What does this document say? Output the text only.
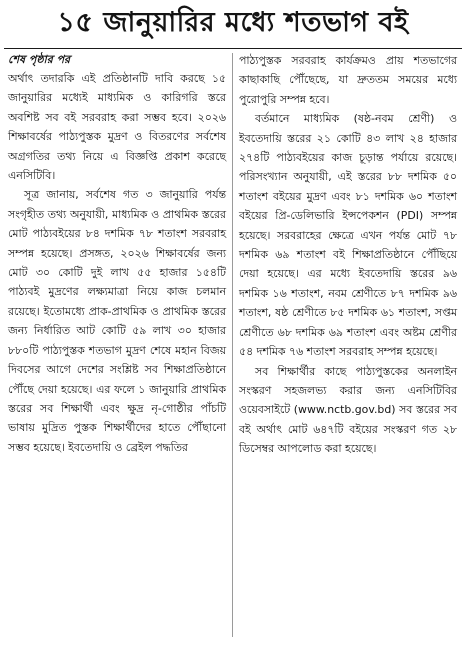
১৫ জানুয়ারির মধ্যে শতভাগ বই
শেষ পৃষ্ঠার পর

অর্থাৎ তদারকি এই প্রতিষ্ঠানটি দাবি করছে ১৫ জানুয়ারির মধ্যেই মাধ্যমিক ও কারিগরি স্তরে অবশিষ্ট সব বই সরবরাহ করা সম্ভব হবে। ২০২৬ শিক্ষাবর্ষের পাঠ্যপুস্তক মুদ্রণ ও বিতরণের সর্বশেষ অগ্রগতির তথ্য নিয়ে এ বিজ্ঞপ্তি প্রকাশ করেছে এনসিটিবি।

সূত্র জানায়, সর্বশেষ গত ৩ জানুয়ারি পর্যন্ত সংগৃহীত তথ্য অনুযায়ী, মাধ্যমিক ও প্রাথমিক স্তরের মোট পাঠ্যবইয়ের ৮৪ দশমিক ৭৮ শতাংশ সরবরাহ সম্পন্ন হয়েছে। প্রসঙ্গত, ২০২৬ শিক্ষাবর্ষের জন্য মোট ৩০ কোটি দুই লাখ ৫৫ হাজার ১৫৪টি পাঠ্যবই মুদ্রণের লক্ষ্যমাত্রা নিয়ে কাজ চলমান রয়েছে। ইতোমধ্যে প্রাক-প্রাথমিক ও প্রাথমিক স্তরের জন্য নির্ধারিত আট কোটি ৫৯ লাখ ৩০ হাজার ৮৮০টি পাঠ্যপুস্তক শতভাগ মুদ্রণ শেষে মহান বিজয় দিবসের আগে দেশের সংশ্লিষ্ট সব শিক্ষাপ্রতিষ্ঠানে পৌঁছে দেয়া হয়েছে। এর ফলে ১ জানুয়ারি প্রাথমিক স্তরের সব শিক্ষার্থী এবং ক্ষুদ্র নৃ-গোষ্ঠীর পাঁচটি ভাষায় মুদ্রিত পুস্তক শিক্ষার্থীদের হাতে পৌঁছানো সম্ভব হয়েছে। ইবতেদায়ি ও ব্রেইল পদ্ধতির

পাঠ্যপুস্তক সরবরাহ কার্যক্রমও প্রায় শতভাগের কাছাকাছি পৌঁছেছে, যা দ্রুততম সময়ের মধ্যে পুরোপুরি সম্পন্ন হবে।

বর্তমানে মাধ্যমিক (ষষ্ঠ-নবম শ্রেণী) ও ইবতেদায়ি স্তরের ২১ কোটি ৪৩ লাখ ২৪ হাজার ২৭৪টি পাঠ্যবইয়ের কাজ চূড়ান্ত পর্যায়ে রয়েছে। পরিসংখ্যান অনুযায়ী, এই স্তরের ৮৮ দশমিক ৫০ শতাংশ বইয়ের মুদ্রণ এবং ৮১ দশমিক ৬০ শতাংশ বইয়ের প্রি-ডেলিভারি ইন্সপেকশন (PDI) সম্পন্ন হয়েছে। সরবরাহের ক্ষেত্রে এখন পর্যন্ত মোট ৭৮ দশমিক ৬৯ শতাংশ বই শিক্ষাপ্রতিষ্ঠানে পৌঁছিয়ে দেয়া হয়েছে। এর মধ্যে ইবতেদায়ি স্তরের ৯৬ দশমিক ১৬ শতাংশ, নবম শ্রেণীতে ৮৭ দশমিক ৯৬ শতাংশ, ষষ্ঠ শ্রেণীতে ৮৫ দশমিক ৬১ শতাংশ, সপ্তম শ্রেণীতে ৬৮ দশমিক ৬৯ শতাংশ এবং অষ্টম শ্রেণীর ৫৪ দশমিক ৭৬ শতাংশ সরবরাহ সম্পন্ন হয়েছে।

সব শিক্ষার্থীর কাছে পাঠ্যপুস্তকের অনলাইন সংস্করণ সহজলভ্য করার জন্য এনসিটিবির ওয়েবসাইটে (www.nctb.gov.bd) সব স্তরের সব বই অর্থাৎ মোট ৬৪৭টি বইয়ের সংস্করণ গত ২৮ ডিসেম্বর আপলোড করা হয়েছে।
